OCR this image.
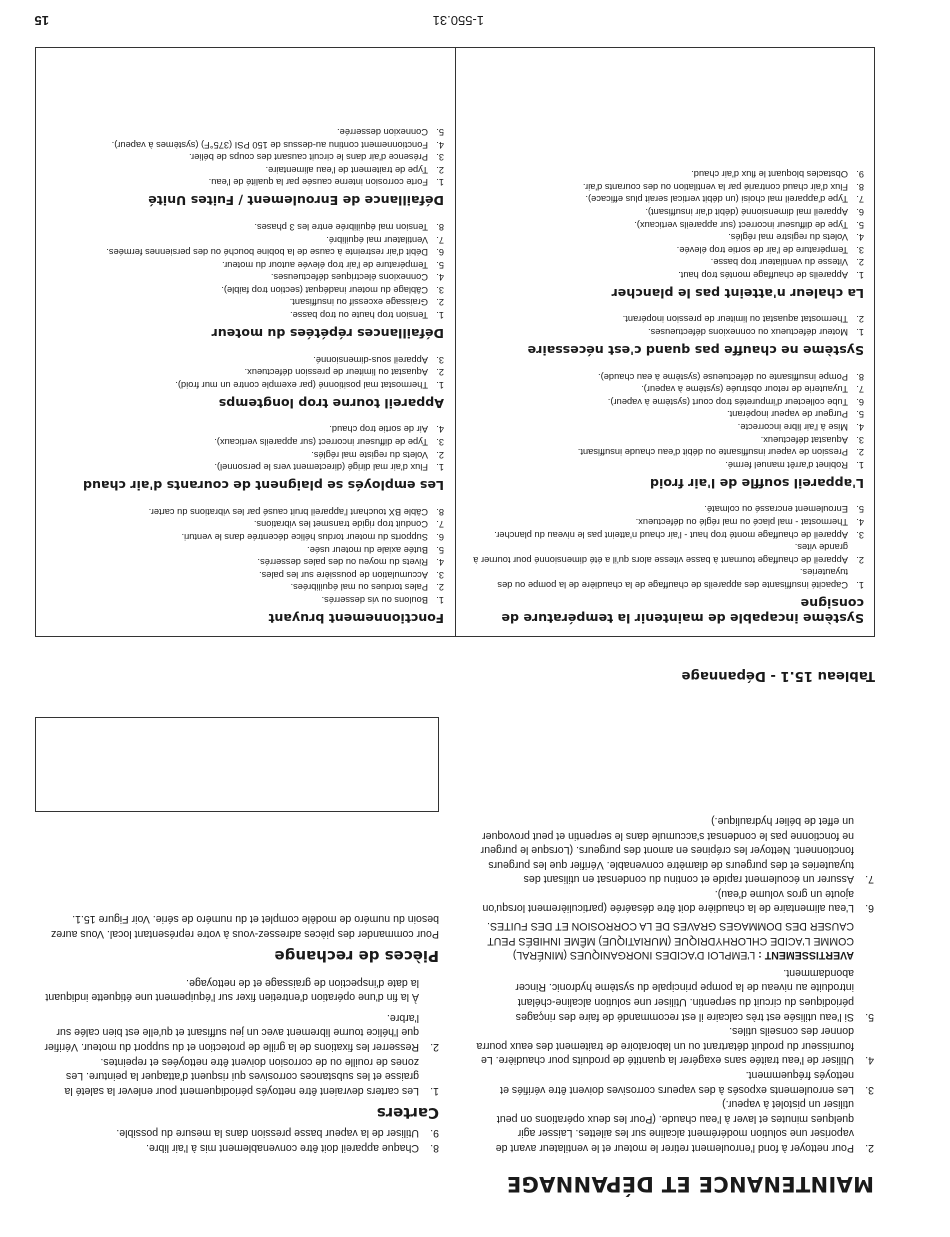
MAINTENANCE ET DÉPANNAGE
2.
Pour nettoyer à fond l'enroulement retirer le moteur et le ventilateur avant de vaporiser une solution modérément alcaline sur les ailettes. Laisser agir quelques minutes et laver à l'eau chaude. (Pour les deux opérations on peut utiliser un pistolet à vapeur.)
3.
Les enroulements exposés à des vapeurs corrosives doivent être vérifiés et nettoyés fréquemment.
4.
Utiliser de l'eau traitée sans exagérer la quantité de produits pour chaudière. Le fournisseur du produit détartrant ou un laboratoire de traitement des eaux pourra donner des conseils utiles.
5.
Si l'eau utilisée est très calcaire il est recommandé de faire des rinçages périodiques du circuit du serpentin. Utiliser une solution alcaline-chélant introduite au niveau de la pompe principale du système hydronic. Rincer abondamment.

AVERTISSEMENT : L'EMPLOI D'ACIDES INORGANIQUES (MINÉRAL) COMME L'ACIDE CHLORHYDRIQUE (MURIATIQUE) MÊME INHIBÉS PEUT CAUSER DES DOMMAGES GRAVES DE LA CORROSION ET DES FUITES.

6.
L'eau alimentaire de la chaudière doit être désaérée (particulièrement lorsqu'on ajoute un gros volume d'eau).
7.
Assurer un écoulement rapide et continu du condensat en utilisant des tuyauteries et des purgeurs de diamètre convenable. Vérifier que les purgeurs fonctionnent. Nettoyer les crépines en amont des purgeurs. (Lorsque le purgeur ne fonctionne pas le condensat s'accumule dans le serpentin et peut provoquer un effet de bélier hydraulique.)
8.
Chaque appareil doit être convenablement mis à l'air libre.
9.
Utiliser de la vapeur basse pression dans la mesure du possible.
Carters
1.
Les carters devraient être nettoyés périodiquement pour enlever la saleté la graisse et les substances corrosives qui risquent d'attaquer la peinture. Les zones de rouille ou de corrosion doivent être nettoyées et repeintes.
2.
Resserrer les fixations de la grille de protection et du support du moteur. Vérifier que l'hélice tourne librement avec un jeu suffisant et qu'elle est bien calée sur l'arbre.

À la fin d'une opération d'entretien fixer sur l'équipement une étiquette indiquant la date d'inspection de graissage et de nettoyage.

Pièces de rechange

Pour commander des pièces adressez-vous à votre représentant local. Vous aurez besoin du numéro de modèle complet et du numéro de série. Voir Figure 15.1.

Tableau 15.1 - Dépannage
Système incapable de maintenir la température de consigne
1.
Capacité insuffisante des appareils de chauffage de la chaudière de la pompe ou des tuyauteries.
2.
Appareil de chauffage tournant à basse vitesse alors qu'il a été dimensionné pour tourner à grande vites.
3.
Appareil de chauffage monté trop haut - l'air chaud n'atteint pas le niveau du plancher.
4.
Thermostat - mal placé ou mal réglé ou défectueux.
5.
Enroulement encrassé ou colmaté.
L'appareil souffle de l'air froid
1.
Robinet d'arrêt manuel fermé.
2.
Pression de vapeur insuffisante ou débit d'eau chaude insuffisant.
3.
Aquastat défectueux.
4.
Mise à l'air libre incorrecte.
5.
Purgeur de vapeur inopérant.
6.
Tube collecteur d'impuretés trop court (système à vapeur).
7.
Tuyauterie de retour obstruée (système à vapeur).
8.
Pompe insuffisante ou défectueuse (système à eau chaude).
Système ne chauffe pas quand c'est nécessaire
1.
Moteur défectueux ou connexions défectueuses.
2.
Thermostat aquastat ou limiteur de pression inopérant.
La chaleur n'atteint pas le plancher
1.
Appareils de chauffage montés trop haut.
2.
Vitesse du ventilateur trop basse.
3.
Température de l'air de sortie trop élevée.
4.
Volets du registre mal réglés.
5.
Type de diffuseur incorrect (sur appareils verticaux).
6.
Appareil mal dimensionné (débit d'air insuffisant).
7.
Type d'appareil mal choisi (un débit vertical serait plus efficace).
8.
Flux d'air chaud contrarié par la ventilation ou des courants d'air.
9.
Obstacles bloquant le flux d'air chaud.
Fonctionnement bruyant
1.
Boulons ou vis desserrés.
2.
Pales tordues ou mal équilibrées.
3.
Accumulation de poussière sur les pales.
4.
Rivets du moyeu ou des pales desserrés.
5.
Butée axiale du moteur usée.
6.
Supports du moteur tordus hélice décentrée dans le venturi.
7.
Conduit trop rigide transmet les vibrations.
8.
Câble BX touchant l'appareil bruit causé par les vibrations du carter.
Les employés se plaignent de courants d'air chaud
1.
Flux d'air mal dirigé (directement vers le personnel).
2.
Volets du registe mal réglés.
3.
Type de diffuseur incorrect (sur appareils verticaux).
4.
Air de sortie trop chaud.
Appareil tourne trop longtemps
1.
Thermostat mal positionné (par exemple contre un mur froid).
2.
Aquastat ou limiteur de pression défectueux.
3.
Appareil sous-dimensionné.
Défaillances répétées du moteur
1.
Tension trop haute ou trop basse.
2.
Graissage excessif ou insuffisant.
3.
Câblage du moteur inadéquat (section trop faible).
4.
Connexions électriques défectueuses.
5.
Température de l'air trop élevée autour du moteur.
6.
Débit d'air restreinte à cause de la bobine bouché ou des persiennes fermées.
7.
Ventilateur mal équilibré.
8.
Tension mal équilibrée entre les 3 phases.
Défaillance de Enroulement / Fuites Unité
1.
Forte corrosion interne causée par la qualité de l'eau.
2.
Type de traitement de l'eau alimentaire.
3.
Présence d'air dans le circuit causant des coups de bélier.
4.
Fonctionnement continu au-dessus de 150 PSI (375°F) (systèmes à vapeur).
5.
Connexion desserrée.
1-550.31
15
